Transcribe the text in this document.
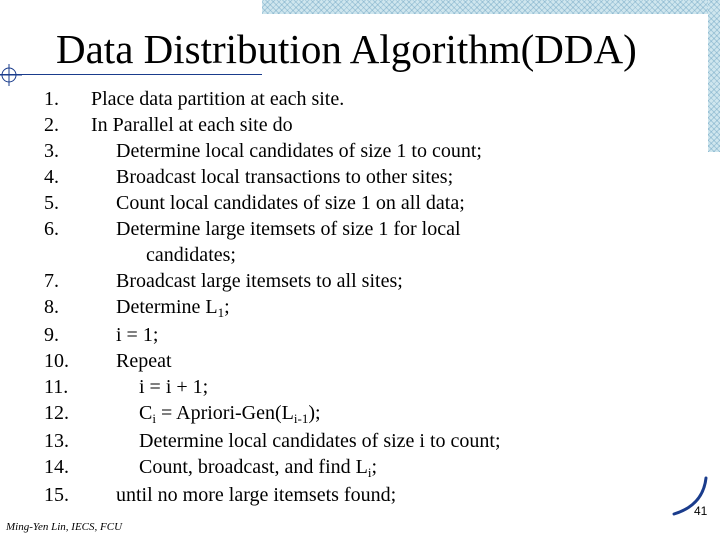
Data Distribution Algorithm(DDA)
1.	Place data partition at each site.
2.	In Parallel at each site do
3.	Determine local candidates of size 1 to count;
4.	Broadcast local transactions to other sites;
5.	Count local candidates of size 1 on all data;
6.	Determine large itemsets of size 1 for local
candidates;
7.	Broadcast large itemsets to all sites;
8.	Determine $L_1$;
9.	i = 1;
10.	Repeat
11.	i = i + 1;
12.	$C_i$ = Apriori-$Gen(L_{i-1})$;
13.	Determine local candidates of size i to count;
14.	Count, broadcast, and find $L_i$;
15.	until no more large itemsets found;
41
Ming-Yen Lin, IECS, FCU
